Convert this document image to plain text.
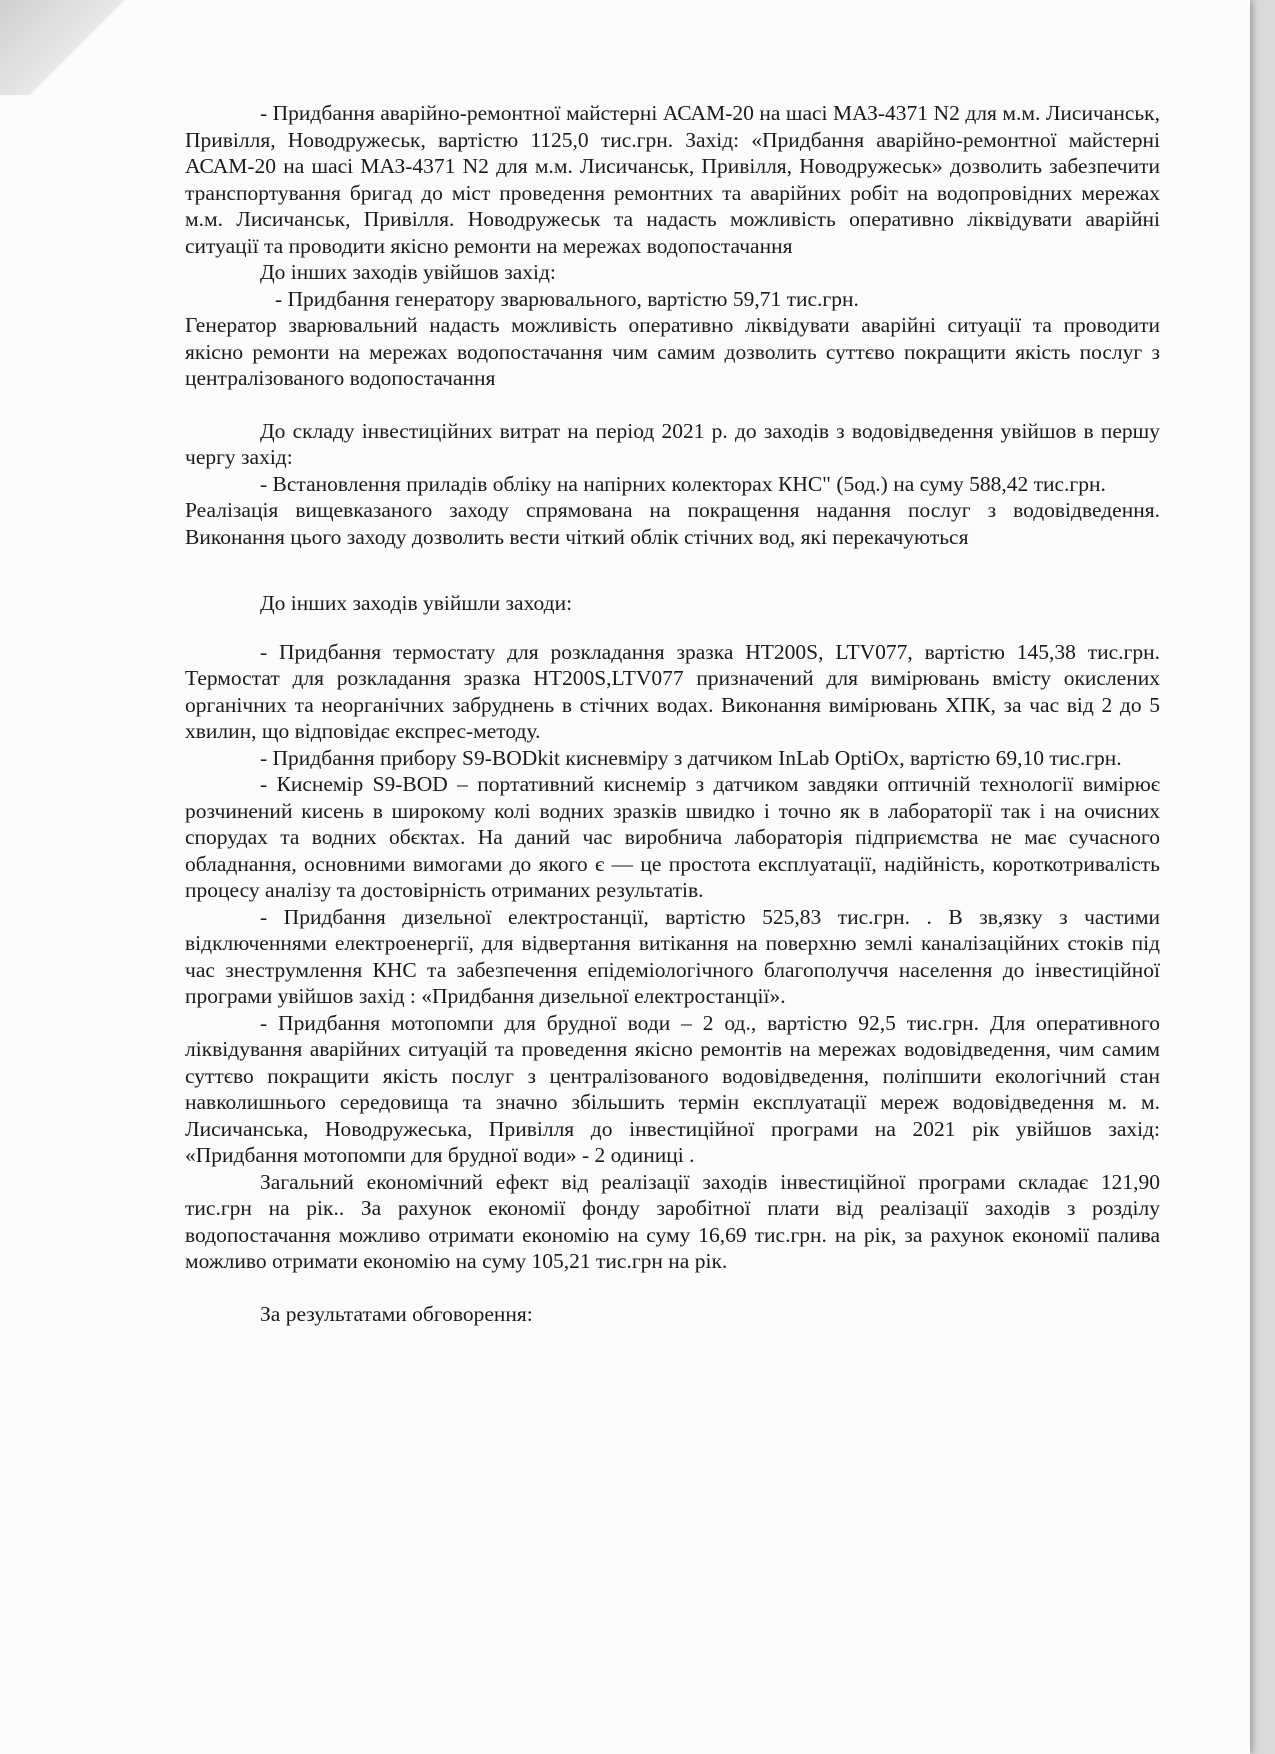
- Придбання аварійно-ремонтної майстерні АСАМ-20 на шасі МАЗ-4371 N2 для м.м. Лисичанськ, Привілля, Новодружеськ, вартістю 1125,0 тис.грн. Захід: «Придбання аварійно-ремонтної майстерні АСАМ-20 на шасі МАЗ-4371 N2 для м.м. Лисичанськ, Привілля, Новодружеськ» дозволить забезпечити транспортування бригад до міст проведення ремонтних та аварійних робіт на водопровідних мережах м.м. Лисичанськ, Привілля. Новодружеськ та надасть можливість оперативно ліквідувати аварійні ситуації та проводити якісно ремонти на мережах водопостачання

До інших заходів увійшов захід:

- Придбання генератору зварювального, вартістю 59,71 тис.грн.

Генератор зварювальний надасть можливість оперативно ліквідувати аварійні ситуації та проводити якісно ремонти на мережах водопостачання чим самим дозволить суттєво покращити якість послуг з централізованого водопостачання

До складу інвестиційних витрат на період 2021 р. до заходів з водовідведення увійшов в першу чергу захід:

- Встановлення приладів обліку на напірних колекторах КНС" (5од.) на суму 588,42 тис.грн.

Реалізація вищевказаного заходу спрямована на покращення надання послуг з водовідведення. Виконання цього заходу дозволить вести чіткий облік стічних вод, які перекачуються

До інших заходів увійшли заходи:

- Придбання термостату для розкладання зразка HT200S, LTV077, вартістю 145,38 тис.грн. Термостат для розкладання зразка HT200S,LTV077 призначений для вимірювань вмісту окислених органічних та неорганічних забруднень в стічних водах. Виконання вимірювань ХПК, за час від 2 до 5 хвилин, що відповідає експрес-методу.

- Придбання прибору S9-BODkit кисневміру з датчиком InLab OptiOx, вартістю 69,10 тис.грн.

- Киснемір S9-BOD – портативний киснемір з датчиком завдяки оптичній технології вимірює розчинений кисень в широкому колі водних зразків швидко і точно як в лабораторії так і на очисних спорудах та водних обєктах. На даний час виробнича лабораторія підприємства не має сучасного обладнання, основними вимогами до якого є — це простота експлуатації, надійність, короткотривалість процесу аналізу та достовірність отриманих результатів.

- Придбання дизельної електростанції, вартістю 525,83 тис.грн. . В зв,язку з частими відключеннями електроенергії, для відвертання витікання на поверхню землі каналізаційних стоків під час знеструмлення КНС та забезпечення епідеміологічного благополуччя населення до інвестиційної програми увійшов захід : «Придбання дизельної електростанції».

- Придбання мотопомпи для брудної води – 2 од., вартістю 92,5 тис.грн. Для оперативного ліквідування аварійних ситуацій та проведення якісно ремонтів на мережах водовідведення, чим самим суттєво покращити якість послуг з централізованого водовідведення, поліпшити екологічний стан навколишнього середовища та значно збільшить термін експлуатації мереж водовідведення м. м. Лисичанська, Новодружеська, Привілля до інвестиційної програми на 2021 рік увійшов захід: «Придбання мотопомпи для брудної води» - 2 одиниці .

Загальний економічний ефект від реалізації заходів інвестиційної програми складає 121,90 тис.грн на рік.. За рахунок економії фонду заробітної плати від реалізації заходів з розділу водопостачання можливо отримати економію на суму 16,69 тис.грн. на рік, за рахунок економії палива можливо отримати економію на суму 105,21 тис.грн на рік.

За результатами обговорення:
